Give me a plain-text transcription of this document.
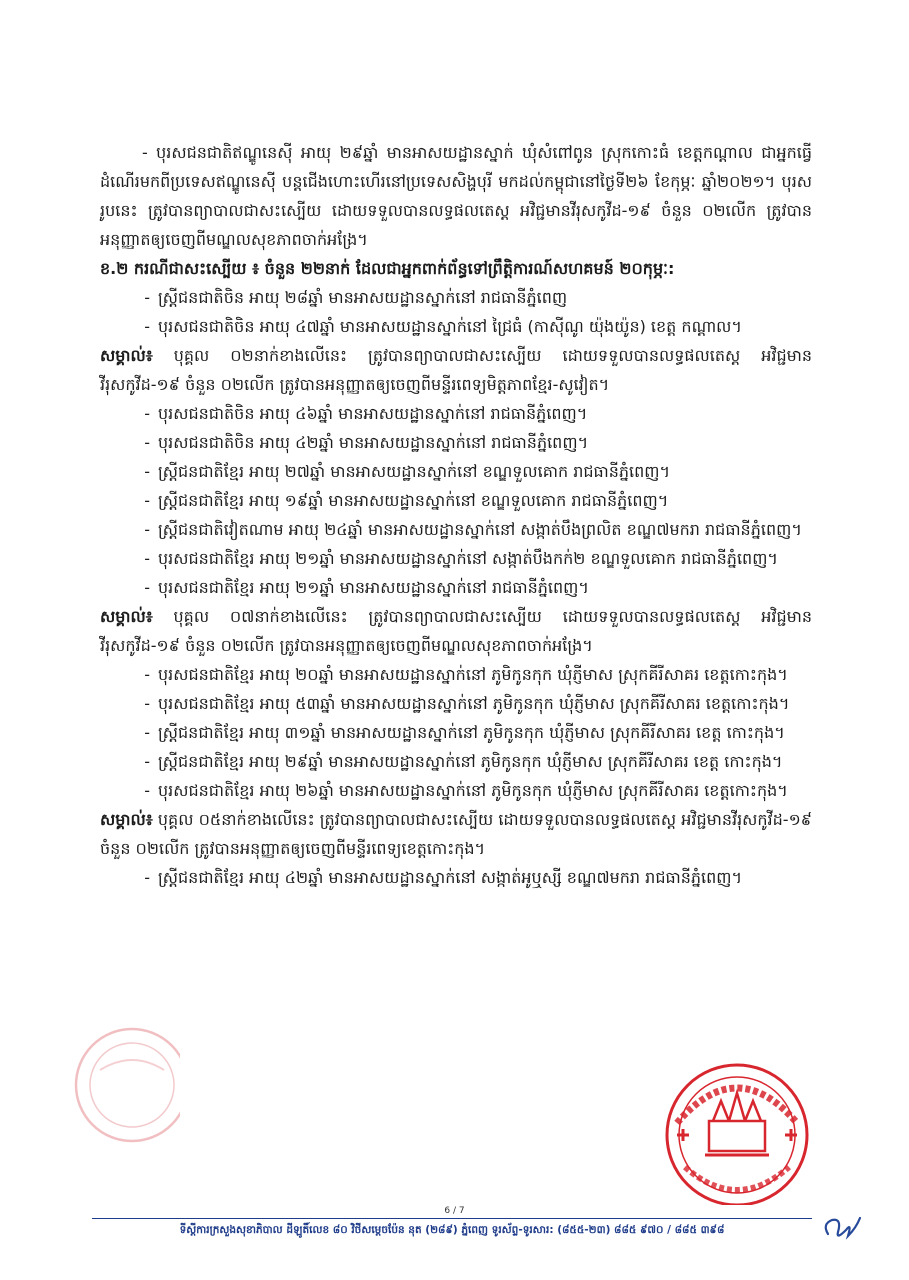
- បុរសជនជាតិឥណ្ឌូនេស៊ី អាយុ ២៩ឆ្នាំ មានអាសយដ្ឋានស្នាក់ ឃុំសំពៅពូន ស្រុកកោះធំ ខេត្តកណ្តាល ជាអ្នកធ្វើដំណើរមកពីប្រទេសឥណ្ឌូនេស៊ី បន្តជើងហោះហើរនៅប្រទេសសិង្ហបុរី មកដល់កម្ពុជានៅថ្ងៃទី២៦ ខែកុម្ភៈ ឆ្នាំ២០២១។ បុរសរូបនេះ ត្រូវបានព្យាបាលជាសះស្បើយ ដោយទទួលបានលទ្ធផលតេស្ត អវិជ្ជមានវីរុសកូវីដ-១៩ ចំនួន ០២លើក ត្រូវបានអនុញ្ញាតឲ្យចេញពីមណ្ឌលសុខភាពចាក់អង្រែ។

ខ.២ ករណីជាសះស្បើយ ៖ ចំនួន ២២នាក់ ដែលជាអ្នកពាក់ព័ន្ធទៅព្រឹត្តិការណ៍សហគមន៍ ២០កុម្ភៈ:

- ស្ត្រីជនជាតិចិន អាយុ ២៨ឆ្នាំ មានអាសយដ្ឋានស្នាក់នៅ រាជធានីភ្នំពេញ
- បុរសជនជាតិចិន អាយុ ៤៧ឆ្នាំ មានអាសយដ្ឋានស្នាក់នៅ ជ្រៃធំ (កាស៊ីណូ យ៉ុងយ៉ូន) ខេត្ត កណ្តាល។

សម្គាល់៖ បុគ្គល ០២នាក់ខាងលើនេះ ត្រូវបានព្យាបាលជាសះស្បើយ ដោយទទួលបានលទ្ធផលតេស្ត អវិជ្ជមានវីរុសកូវីដ-១៩ ចំនួន ០២លើក ត្រូវបានអនុញ្ញាតឲ្យចេញពីមន្ទីរពេទ្យមិត្តភាពខ្មែរ-សូវៀត។

- បុរសជនជាតិចិន អាយុ ៤៦ឆ្នាំ មានអាសយដ្ឋានស្នាក់នៅ រាជធានីភ្នំពេញ។
- បុរសជនជាតិចិន អាយុ ៤២ឆ្នាំ មានអាសយដ្ឋានស្នាក់នៅ រាជធានីភ្នំពេញ។
- ស្ត្រីជនជាតិខ្មែរ អាយុ ២៧ឆ្នាំ មានអាសយដ្ឋានស្នាក់នៅ ខណ្ឌទួលគោក រាជធានីភ្នំពេញ។
- ស្ត្រីជនជាតិខ្មែរ អាយុ ១៩ឆ្នាំ មានអាសយដ្ឋានស្នាក់នៅ ខណ្ឌទួលគោក រាជធានីភ្នំពេញ។
- ស្ត្រីជនជាតិវៀតណាម អាយុ ២៤ឆ្នាំ មានអាសយដ្ឋានស្នាក់នៅ សង្កាត់បឹងព្រលិត ខណ្ឌ៧មករា រាជធានីភ្នំពេញ។
- បុរសជនជាតិខ្មែរ អាយុ ២១ឆ្នាំ មានអាសយដ្ឋានស្នាក់នៅ សង្កាត់បឹងកក់២ ខណ្ឌទួលគោក រាជធានីភ្នំពេញ។
- បុរសជនជាតិខ្មែរ អាយុ ២១ឆ្នាំ មានអាសយដ្ឋានស្នាក់នៅ រាជធានីភ្នំពេញ។

សម្គាល់៖ បុគ្គល ០៧នាក់ខាងលើនេះ ត្រូវបានព្យាបាលជាសះស្បើយ ដោយទទួលបានលទ្ធផលតេស្ត អវិជ្ជមានវីរុសកូវីដ-១៩ ចំនួន ០២លើក ត្រូវបានអនុញ្ញាតឲ្យចេញពីមណ្ឌលសុខភាពចាក់អង្រែ។

- បុរសជនជាតិខ្មែរ អាយុ ២០ឆ្នាំ មានអាសយដ្ឋានស្នាក់នៅ ភូមិកូនកុក ឃុំភ្ញីមាស ស្រុកគីរីសាគរ ខេត្តកោះកុង។
- បុរសជនជាតិខ្មែរ អាយុ ៥៣ឆ្នាំ មានអាសយដ្ឋានស្នាក់នៅ ភូមិកូនកុក ឃុំភ្ញីមាស ស្រុកគីរីសាគរ ខេត្តកោះកុង។
- ស្ត្រីជនជាតិខ្មែរ អាយុ ៣១ឆ្នាំ មានអាសយដ្ឋានស្នាក់នៅ ភូមិកូនកុក ឃុំភ្ញីមាស ស្រុកគីរីសាគរ ខេត្ត កោះកុង។
- ស្ត្រីជនជាតិខ្មែរ អាយុ ២៩ឆ្នាំ មានអាសយដ្ឋានស្នាក់នៅ ភូមិកូនកុក ឃុំភ្ញីមាស ស្រុកគីរីសាគរ ខេត្ត កោះកុង។
- បុរសជនជាតិខ្មែរ អាយុ ២៦ឆ្នាំ មានអាសយដ្ឋានស្នាក់នៅ ភូមិកូនកុក ឃុំភ្ញីមាស ស្រុកគីរីសាគរ ខេត្តកោះកុង។

សម្គាល់៖ បុគ្គល ០៥នាក់ខាងលើនេះ ត្រូវបានព្យាបាលជាសះស្បើយ ដោយទទួលបានលទ្ធផលតេស្ត អវិជ្ជមានវីរុសកូវីដ-១៩ ចំនួន ០២លើក ត្រូវបានអនុញ្ញាតឲ្យចេញពីមន្ទីរពេទ្យខេត្តកោះកុង។

- ស្ត្រីជនជាតិខ្មែរ អាយុ ៤២ឆ្នាំ មានអាសយដ្ឋានស្នាក់នៅ សង្កាត់អូឬស្សី ខណ្ឌ៧មករា រាជធានីភ្នំពេញ។
6 / 7
ទីស្តីការក្រសួងសុខាភិបាល ដីឡូតិ៍លេខ ៨០ វិថីសម្តេចប៉ែន នុត (២៨៩) ភ្នំពេញ ទូរស័ព្ទ-ទូរសារ: (៨៥៥-២៣) ៨៨៥ ៩៧០ / ៨៨៥ ៣៩៨
